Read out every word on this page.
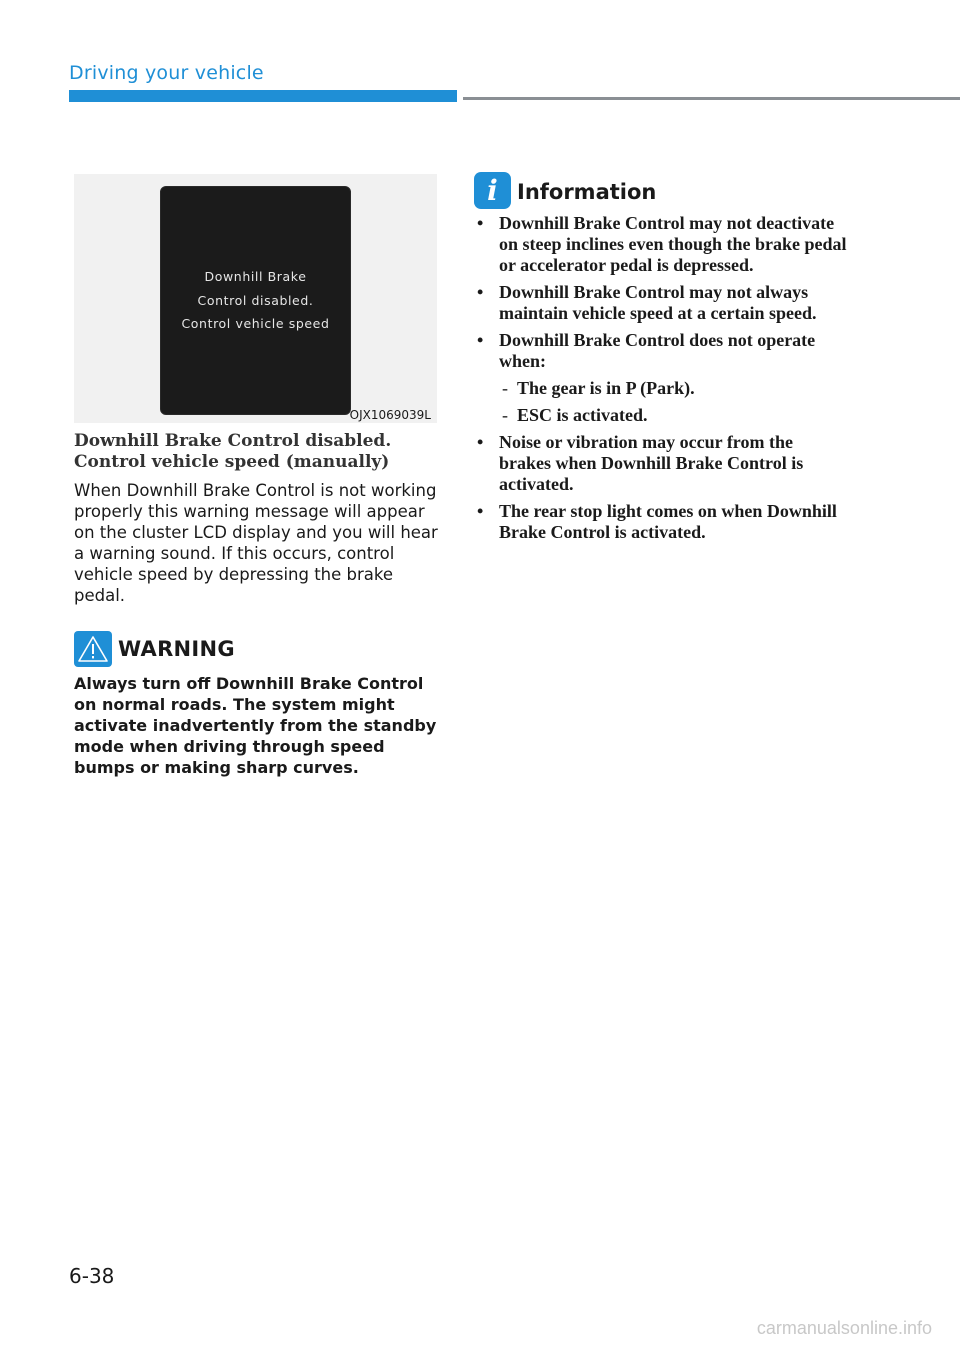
Driving your vehicle
Downhill Brake
Control disabled.
Control vehicle speed
OJX1069039L
Downhill Brake Control disabled. Control vehicle speed (manually)
When Downhill Brake Control is not working properly this warning message will appear on the cluster LCD display and you will hear a warning sound. If this occurs, control vehicle speed by depressing the brake pedal.
WARNING
Always turn off Downhill Brake Control on normal roads. The system might activate inadvertently from the standby mode when driving through speed bumps or making sharp curves.
i Information
• Downhill Brake Control may not deactivate on steep inclines even though the brake pedal or accelerator pedal is depressed.
• Downhill Brake Control may not always maintain vehicle speed at a certain speed.
• Downhill Brake Control does not operate when:
- The gear is in P (Park).
- ESC is activated.
• Noise or vibration may occur from the brakes when Downhill Brake Control is activated.
• The rear stop light comes on when Downhill Brake Control is activated.
6-38
carmanualsonline.info
